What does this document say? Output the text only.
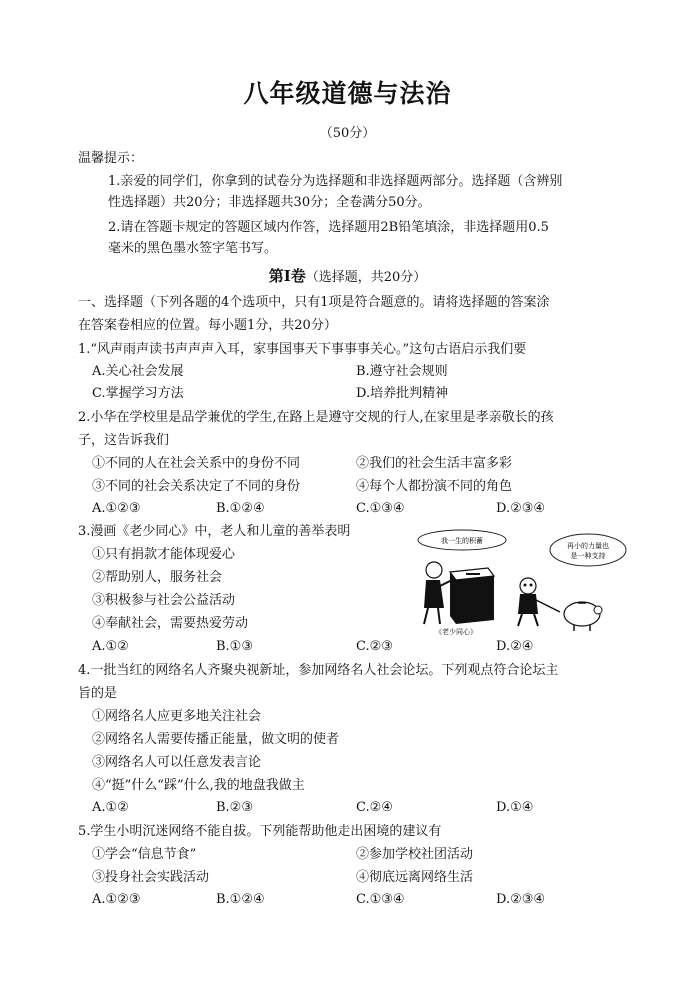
八年级道德与法治
（50分）
温馨提示：
1.亲爱的同学们，你拿到的试卷分为选择题和非选择题两部分。选择题（含辨别
性选择题）共20分；非选择题共30分；全卷满分50分。
2.请在答题卡规定的答题区域内作答，选择题用2B铅笔填涂，非选择题用0.5
毫米的黑色墨水签字笔书写。
第Ⅰ卷（选择题，共20分）
一、选择题（下列各题的4个选项中，只有1项是符合题意的。请将选择题的答案涂
在答案卷相应的位置。每小题1分，共20分）
1.“风声雨声读书声声声入耳，家事国事天下事事事关心。”这句古语启示我们要
A.关心社会发展	B.遵守社会规则
C.掌握学习方法	D.培养批判精神
2.小华在学校里是品学兼优的学生,在路上是遵守交规的行人,在家里是孝亲敬长的孩
子，这告诉我们
①不同的人在社会关系中的身份不同	②我们的社会生活丰富多彩
③不同的社会关系决定了不同的身份	④每个人都扮演不同的角色
A.①②③	B.①②④	C.①③④	D.②③④
3.漫画《老少同心》中，老人和儿童的善举表明
①只有捐款才能体现爱心
②帮助别人，服务社会
③积极参与社会公益活动
④奉献社会，需要热爱劳动
A.①②	B.①③	C.②③	D.②④
我一生的积蓄
再小的力量也
是一种支持
《老少同心》
4.一批当红的网络名人齐聚央视新址，参加网络名人社会论坛。下列观点符合论坛主
旨的是
①网络名人应更多地关注社会
②网络名人需要传播正能量，做文明的使者
③网络名人可以任意发表言论
④“挺”什么“踩”什么,我的地盘我做主
A.①②	B.②③	C.②④	D.①④
5.学生小明沉迷网络不能自拔。下列能帮助他走出困境的建议有
①学会“信息节食”	②参加学校社团活动
③投身社会实践活动	④彻底远离网络生活
A.①②③	B.①②④	C.①③④	D.②③④
